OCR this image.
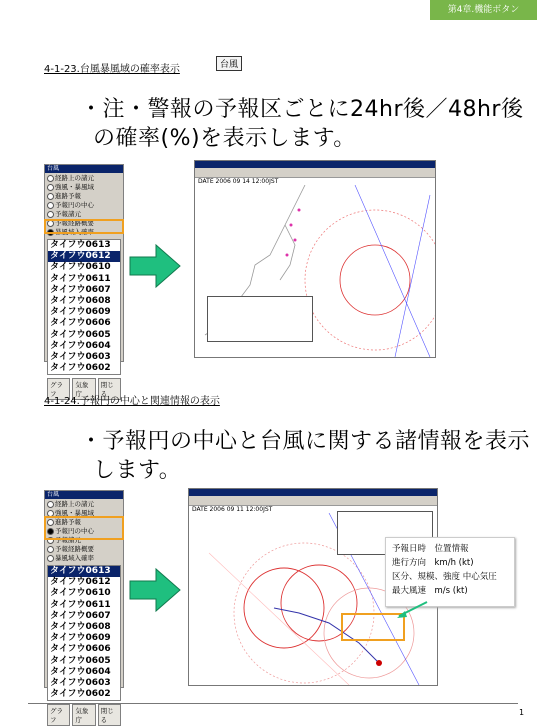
第4章.機能ボタン
4-1-23.台風暴風域の確率表示	台風
・注・警報の予報区ごとに24hr後／48hr後
の確率(%)を表示します。
台風
経路上の諸元
強風・暴風域
進路予報
予報円の中心
予報諸元
予報経路概要
暴風域入確率
タイフウ0613
タイフウ0612
タイフウ0610
タイフウ0611
タイフウ0607
タイフウ0608
タイフウ0609
タイフウ0606
タイフウ0605
タイフウ0604
タイフウ0603
タイフウ0602
グラフ
気象庁
閉じる
DATE 2006 09 14 12:00JST
4-1-24.予報円の中心と関連情報の表示
・予報円の中心と台風に関する諸情報を表示
します。
台風
経路上の諸元
強風・暴風域
進路予報
予報円の中心
予報諸元
予報経路概要
暴風域入確率
タイフウ0613
タイフウ0612
タイフウ0610
タイフウ0611
タイフウ0607
タイフウ0608
タイフウ0609
タイフウ0606
タイフウ0605
タイフウ0604
タイフウ0603
タイフウ0602
グラフ
気象庁
閉じる
DATE 2006 09 11 12:00JST
予報日時　位置情報
進行方向　km/h (kt)
区分、規模、強度 中心気圧
最大風速　m/s (kt)
1
